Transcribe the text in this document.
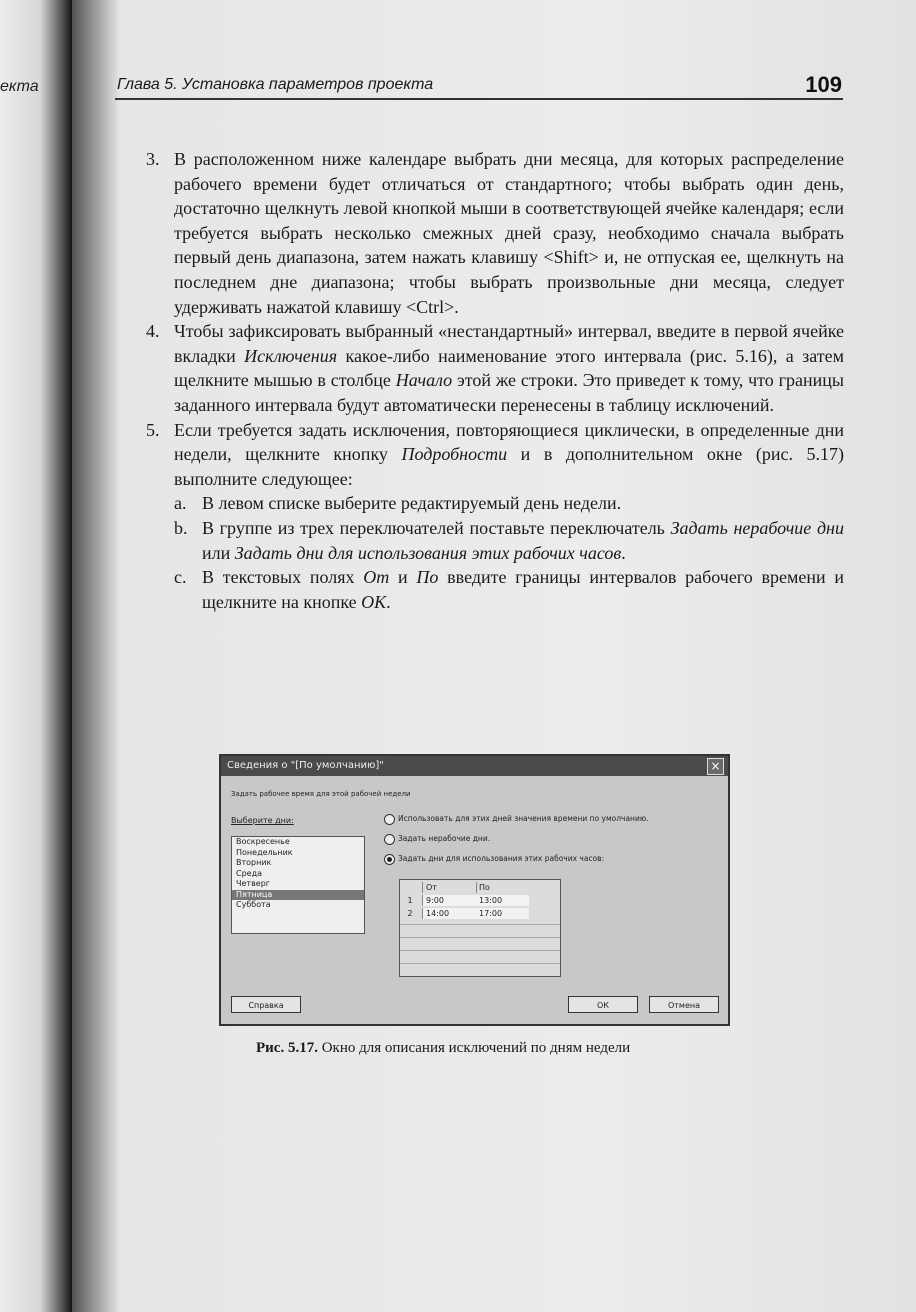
екта	Глава 5. Установка параметров проекта	109

3. В расположенном ниже календаре выбрать дни месяца, для которых распределение рабочего времени будет отличаться от стандартного; чтобы выбрать один день, достаточно щелкнуть левой кнопкой мыши в соответствующей ячейке календаря; если требуется выбрать несколько смежных дней сразу, необходимо сначала выбрать первый день диапазона, затем нажать клавишу <Shift> и, не отпуская ее, щелкнуть на последнем дне диапазона; чтобы выбрать произвольные дни месяца, следует удерживать нажатой клавишу <Ctrl>.

4. Чтобы зафиксировать выбранный «нестандартный» интервал, введите в первой ячейке вкладки Исключения какое-либо наименование этого интервала (рис. 5.16), а затем щелкните мышью в столбце Начало этой же строки. Это приведет к тому, что границы заданного интервала будут автоматически перенесены в таблицу исключений.

5. Если требуется задать исключения, повторяющиеся циклически, в определенные дни недели, щелкните кнопку Подробности и в дополнительном окне (рис. 5.17) выполните следующее:

a. В левом списке выберите редактируемый день недели.

b. В группе из трех переключателей поставьте переключатель Задать нерабочие дни или Задать дни для использования этих рабочих часов.

c. В текстовых полях От и По введите границы интервалов рабочего времени и щелкните на кнопке ОК.

Сведения о "[По умолчанию]"	×
Задать рабочее время для этой рабочей недели
Выберите дни:
Воскресенье
Понедельник
Вторник
Среда
Четверг
Пятница
Суббота
Использовать для этих дней значения времени по умолчанию.
Задать нерабочие дни.
Задать дни для использования этих рабочих часов:
От	По
1	9:00	13:00
2	14:00	17:00
Справка	ОК	Отмена
Рис. 5.17. Окно для описания исключений по дням недели
